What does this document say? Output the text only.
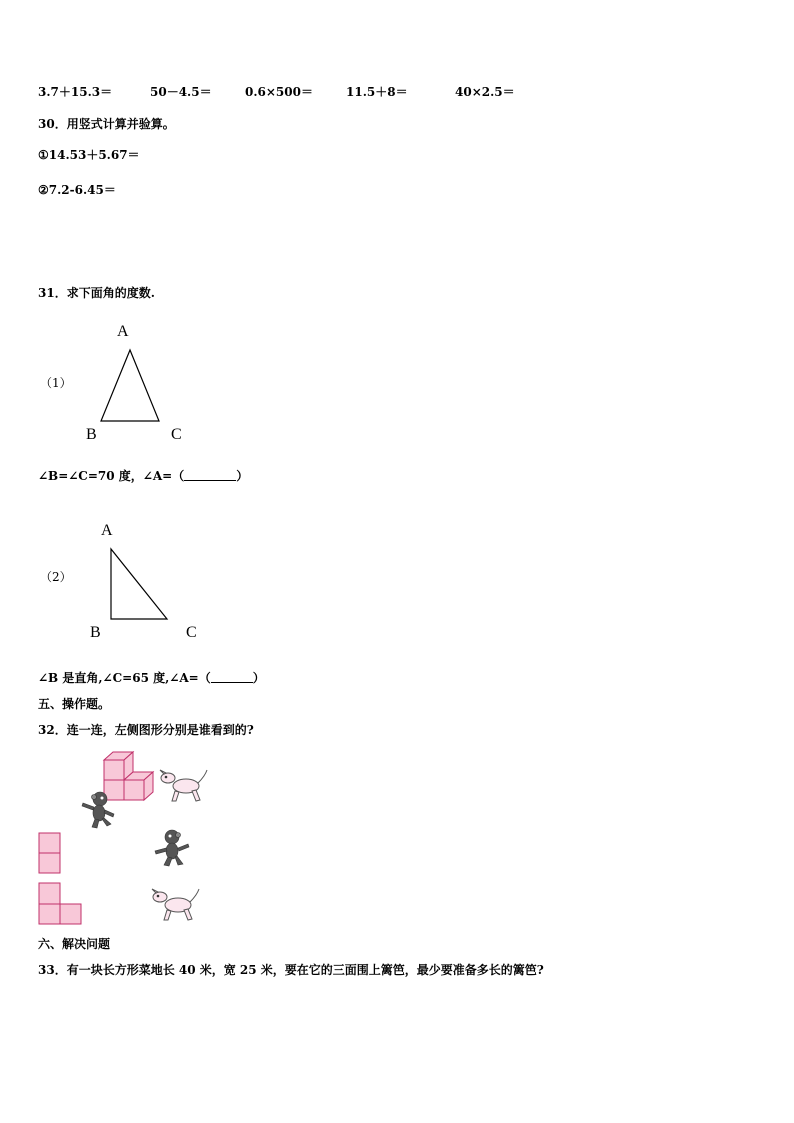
3.7＋15.3＝	50－4.5＝	0.6×500＝	11.5＋8＝	40×2.5＝
30．用竖式计算并验算。
①14.53＋5.67＝
②7.2-6.45＝
31．求下面角的度数.
（1）
A
B	C
∠B=∠C=70 度，∠A=（	）
（2）
A
B	C
∠B 是直角,∠C=65 度,∠A=（	）
五、操作题。
32．连一连，左侧图形分别是谁看到的?
六、解决问题
33．有一块长方形菜地长 40 米，宽 25 米，要在它的三面围上篱笆，最少要准备多长的篱笆?
